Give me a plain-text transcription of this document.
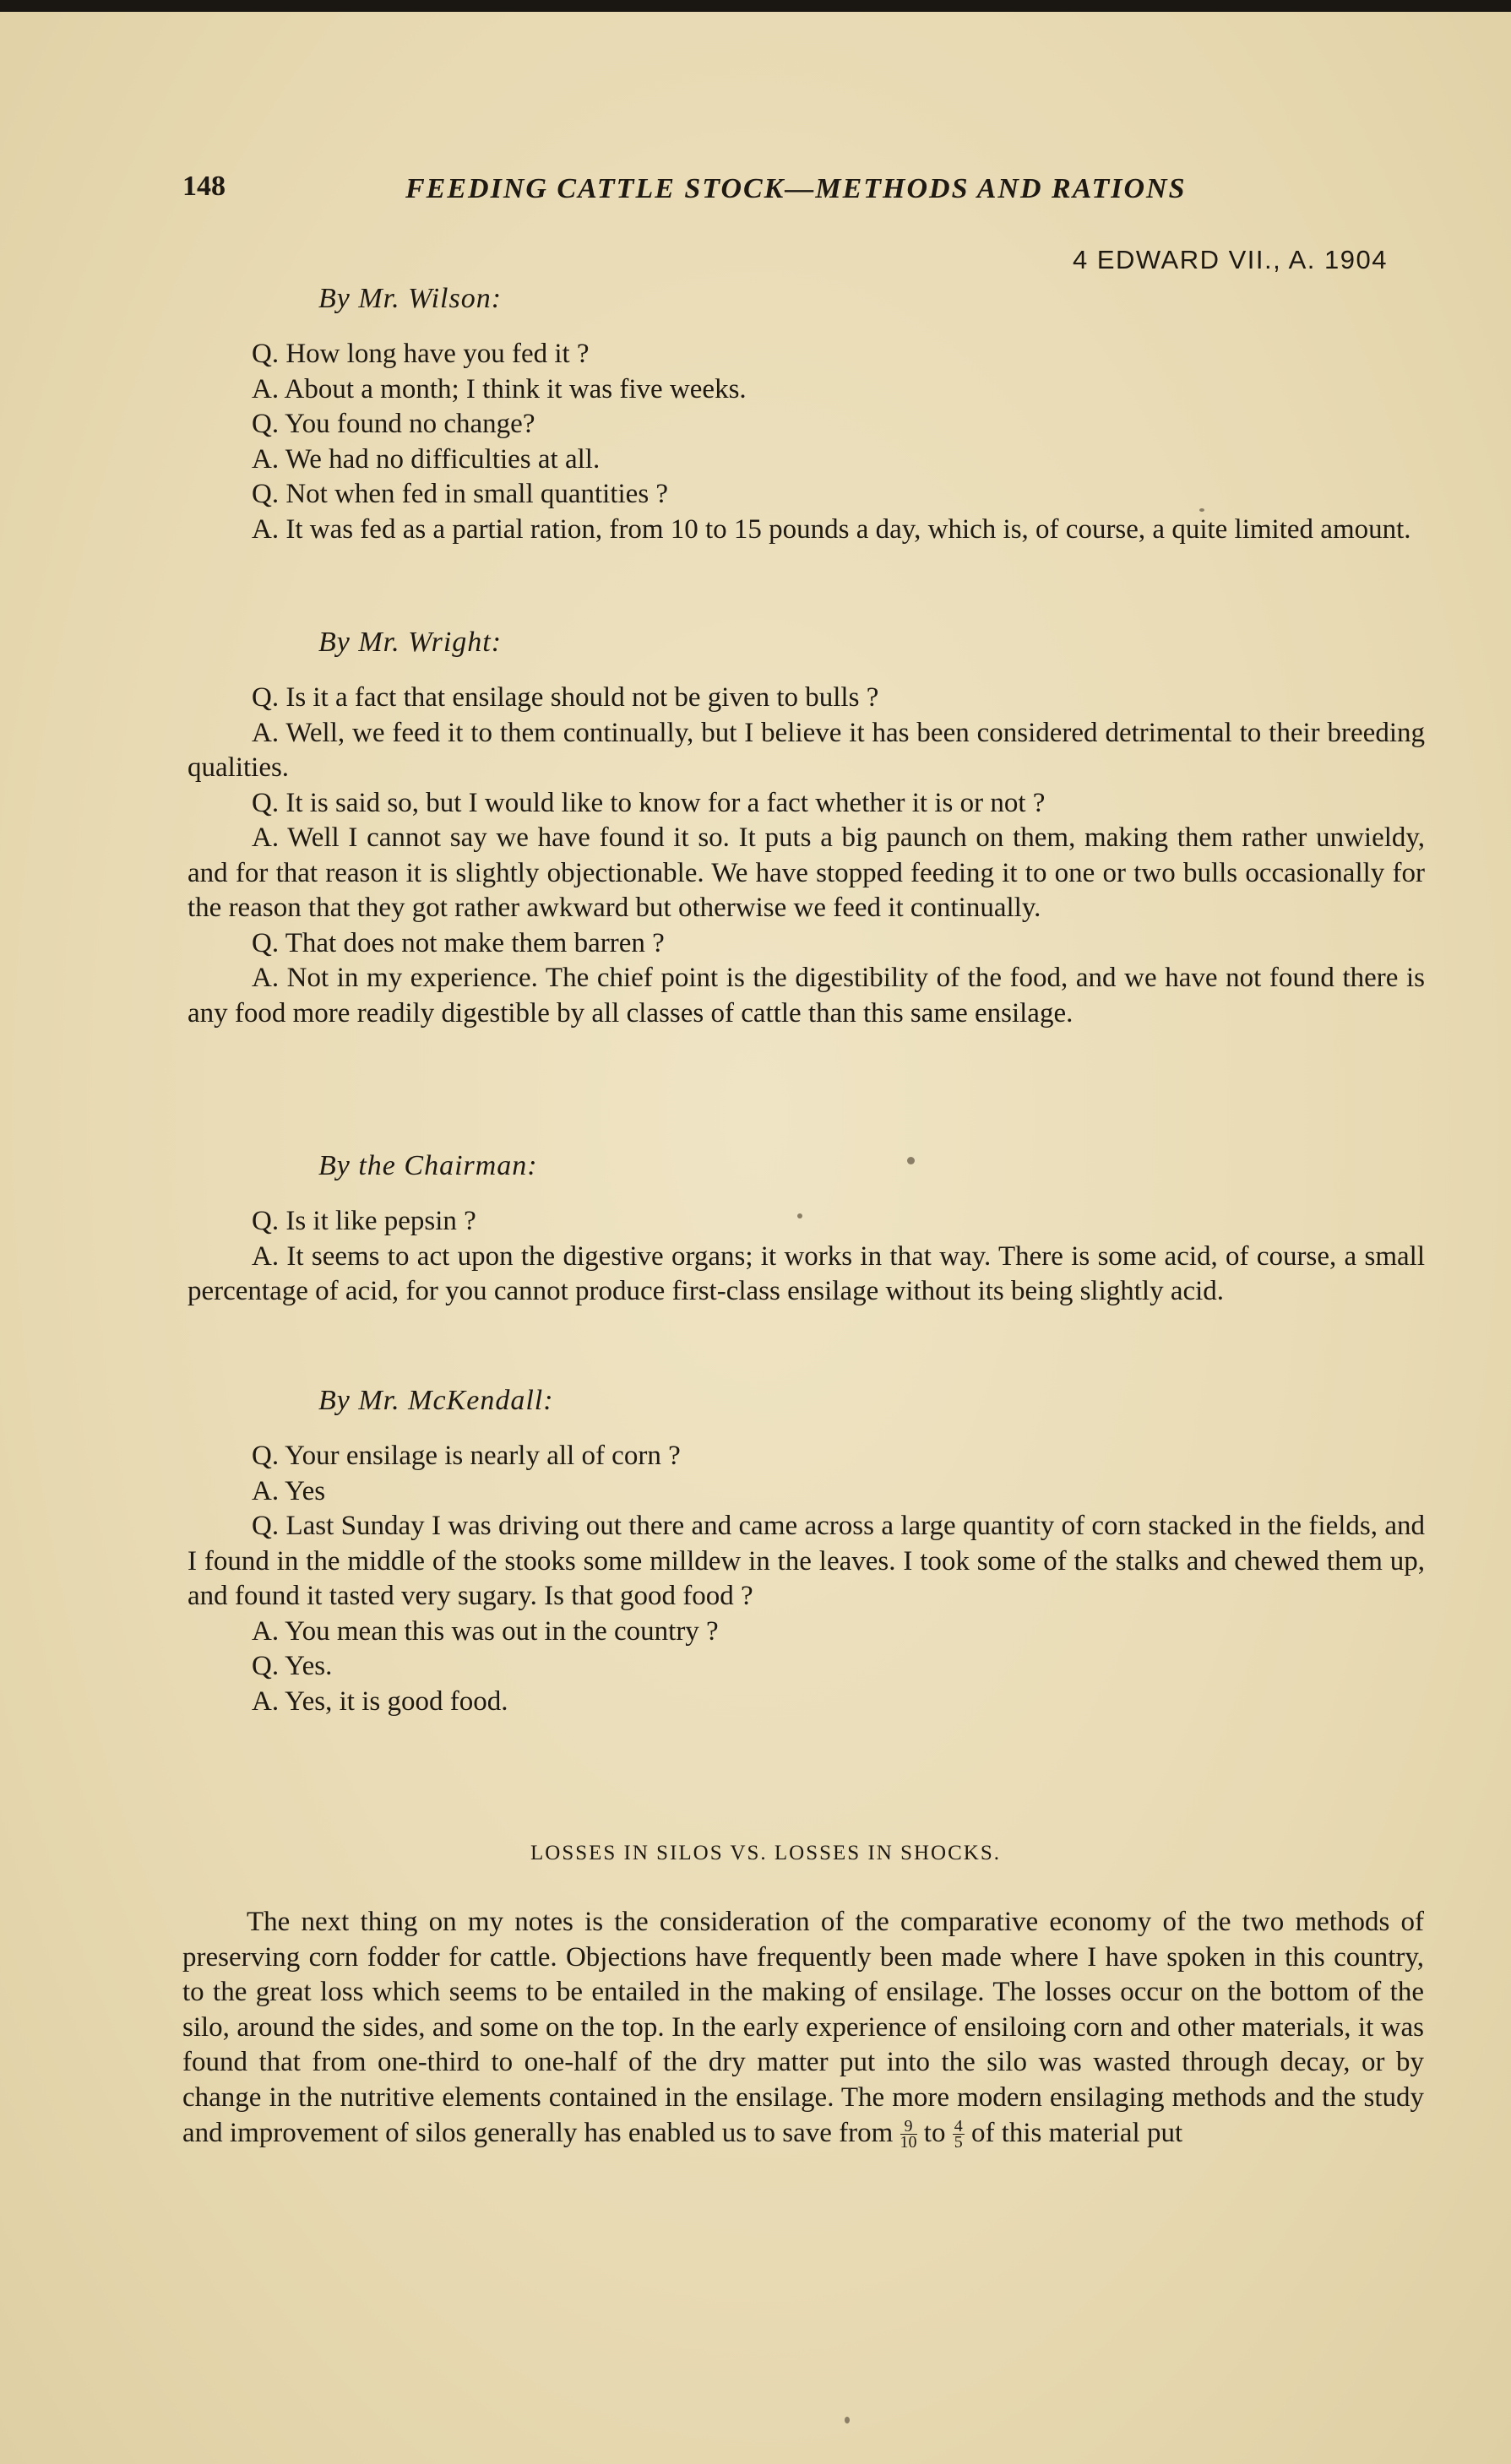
148	FEEDING CATTLE STOCK—METHODS AND RATIONS
4 EDWARD VII., A. 1904
By Mr. Wilson:

Q. How long have you fed it ?

A. About a month; I think it was five weeks.

Q. You found no change?

A. We had no difficulties at all.

Q. Not when fed in small quantities ?

A. It was fed as a partial ration, from 10 to 15 pounds a day, which is, of course, a quite limited amount.

By Mr. Wright:

Q. Is it a fact that ensilage should not be given to bulls ?

A. Well, we feed it to them continually, but I believe it has been considered detrimental to their breeding qualities.

Q. It is said so, but I would like to know for a fact whether it is or not ?

A. Well I cannot say we have found it so. It puts a big paunch on them, making them rather unwieldy, and for that reason it is slightly objectionable. We have stopped feeding it to one or two bulls occasionally for the reason that they got rather awkward but otherwise we feed it continually.

Q. That does not make them barren ?

A. Not in my experience. The chief point is the digestibility of the food, and we have not found there is any food more readily digestible by all classes of cattle than this same ensilage.

By the Chairman:

Q. Is it like pepsin ?

A. It seems to act upon the digestive organs; it works in that way. There is some acid, of course, a small percentage of acid, for you cannot produce first-class ensilage without its being slightly acid.

By Mr. McKendall:

Q. Your ensilage is nearly all of corn ?

A. Yes

Q. Last Sunday I was driving out there and came across a large quantity of corn stacked in the fields, and I found in the middle of the stooks some milldew in the leaves. I took some of the stalks and chewed them up, and found it tasted very sugary. Is that good food ?

A. You mean this was out in the country ?

Q. Yes.

A. Yes, it is good food.

LOSSES IN SILOS VS. LOSSES IN SHOCKS.

The next thing on my notes is the consideration of the comparative economy of the two methods of preserving corn fodder for cattle. Objections have frequently been made where I have spoken in this country, to the great loss which seems to be entailed in the making of ensilage. The losses occur on the bottom of the silo, around the sides, and some on the top. In the early experience of ensiloing corn and other materials, it was found that from one-third to one-half of the dry matter put into the silo was wasted through decay, or by change in the nutritive elements contained in the ensilage. The more modern ensilaging methods and the study and improvement of silos generally has enabled us to save from $\frac{9}{10}$ to $\frac{4}{5}$ of this material put
